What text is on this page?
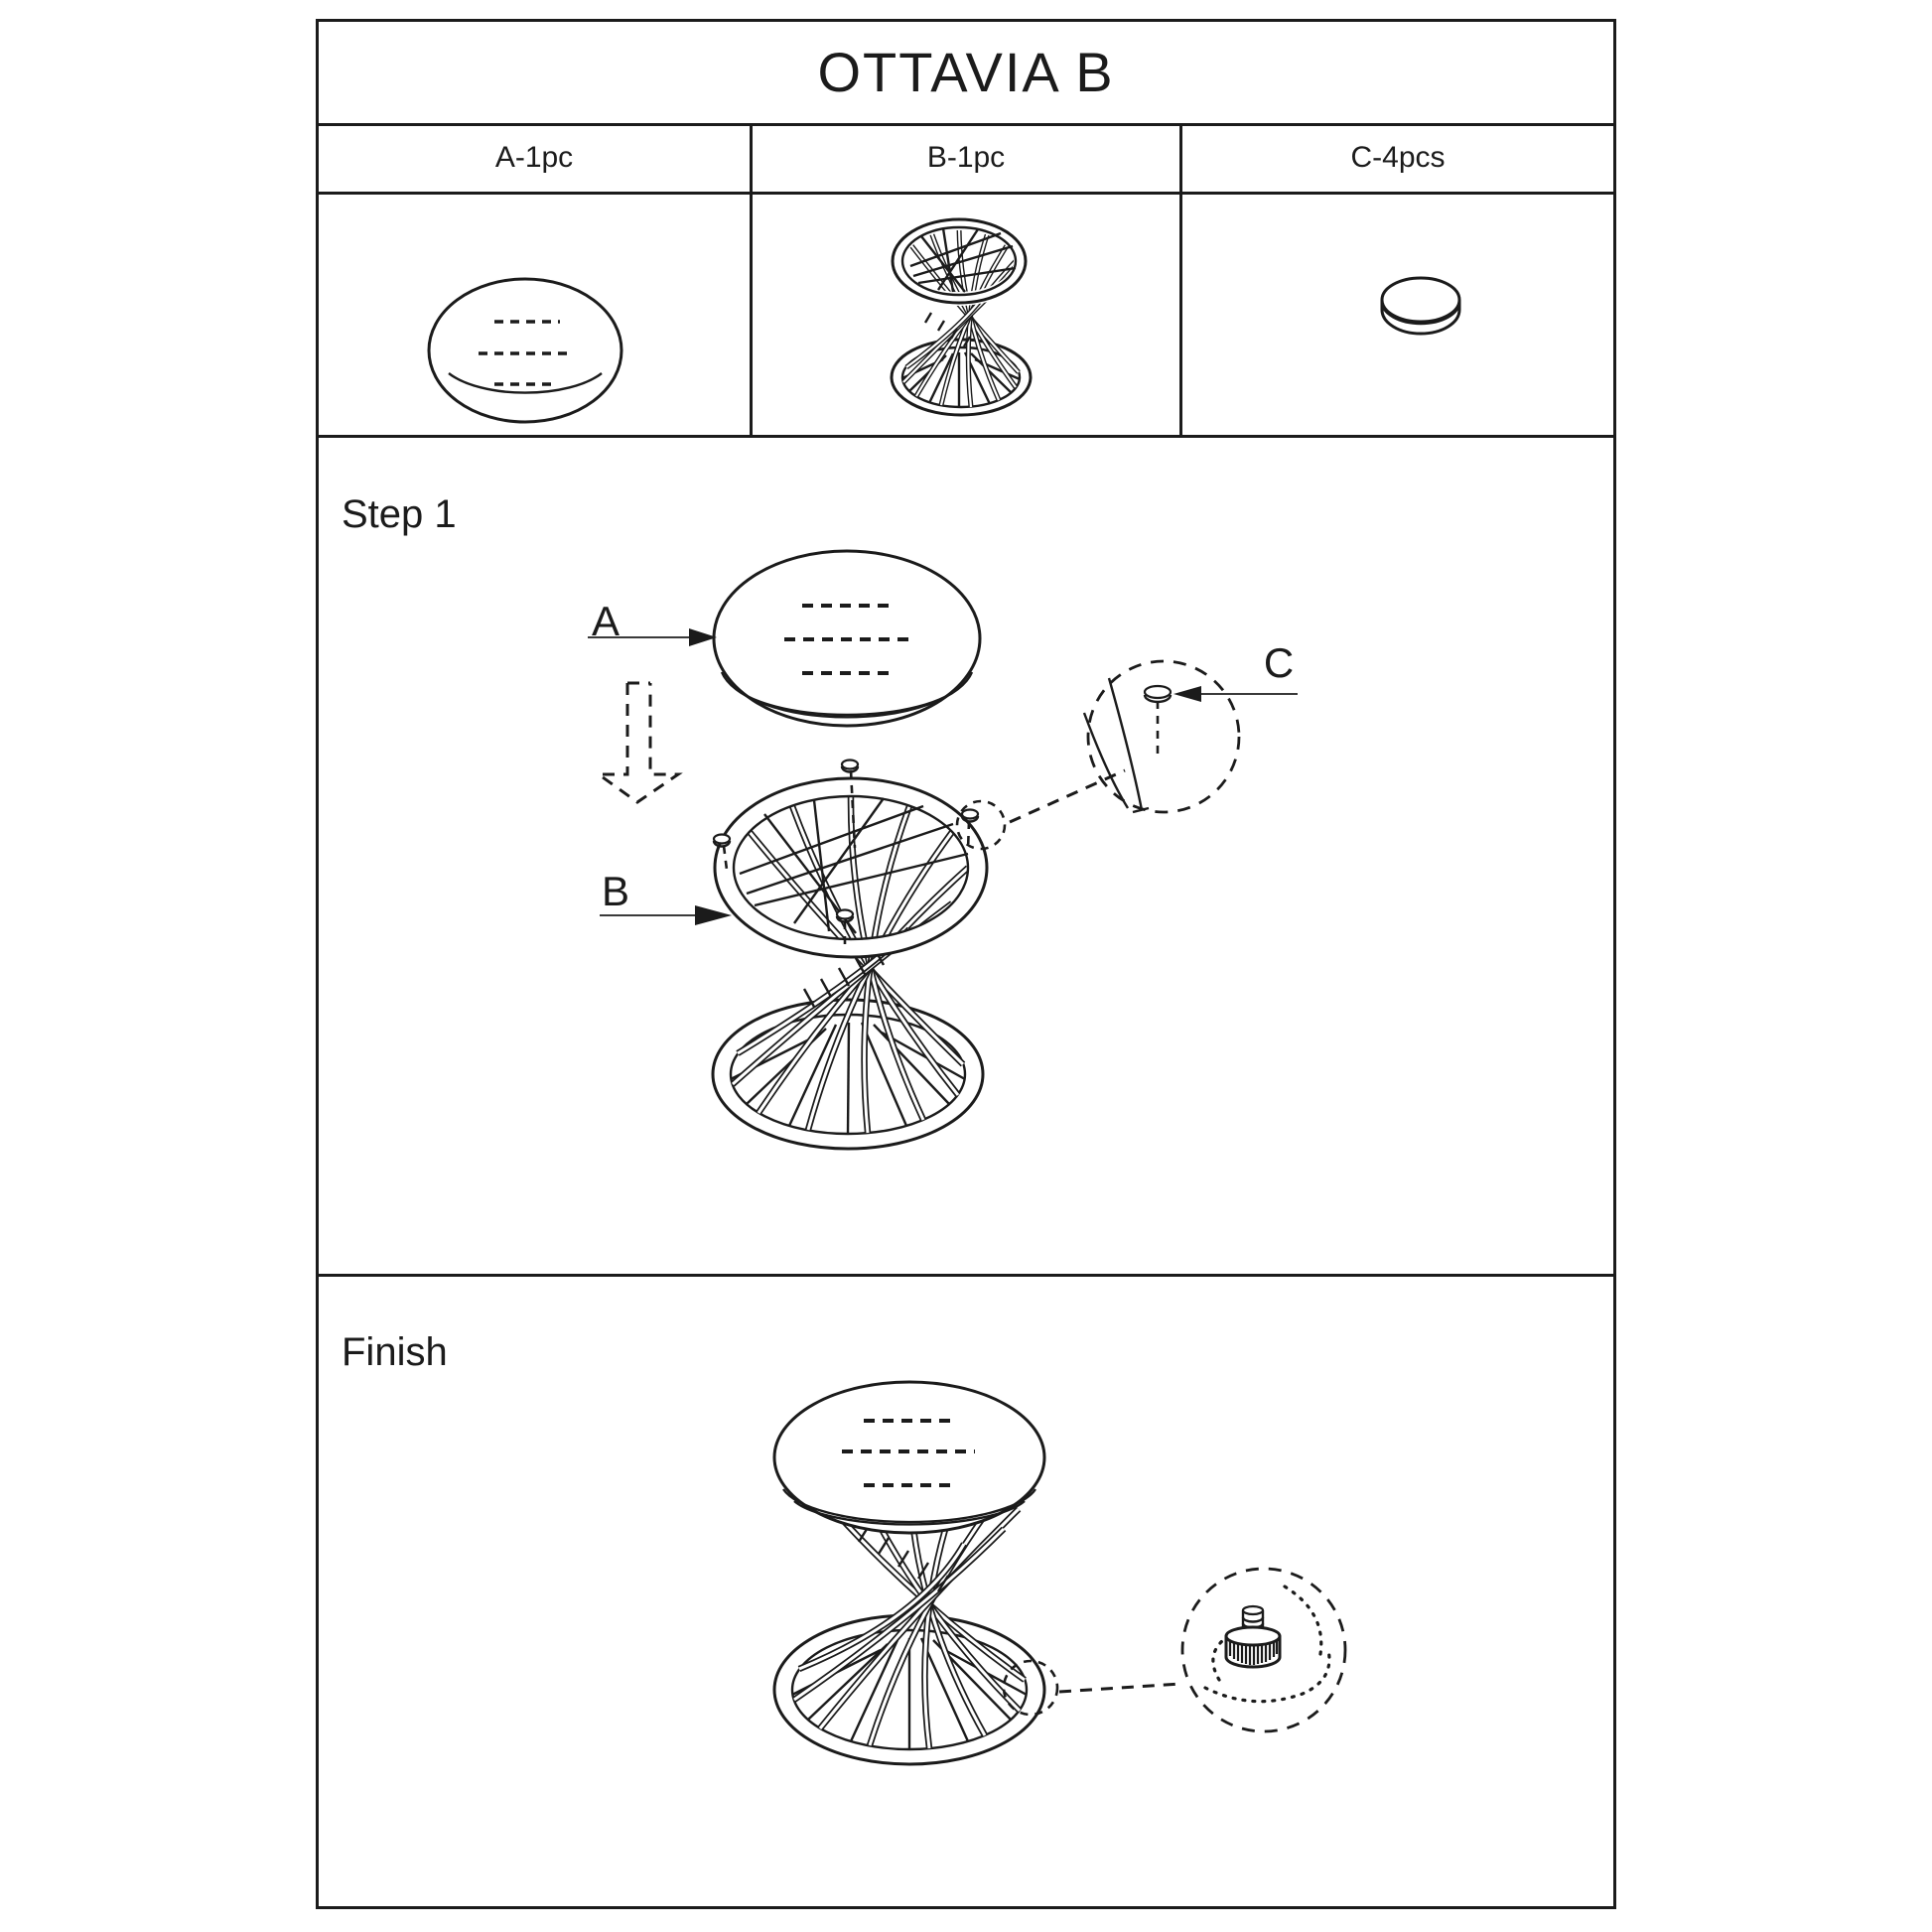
OTTAVIA B
A-1pc	B-1pc	C-4pcs
Step 1
A
C
B
Finish
